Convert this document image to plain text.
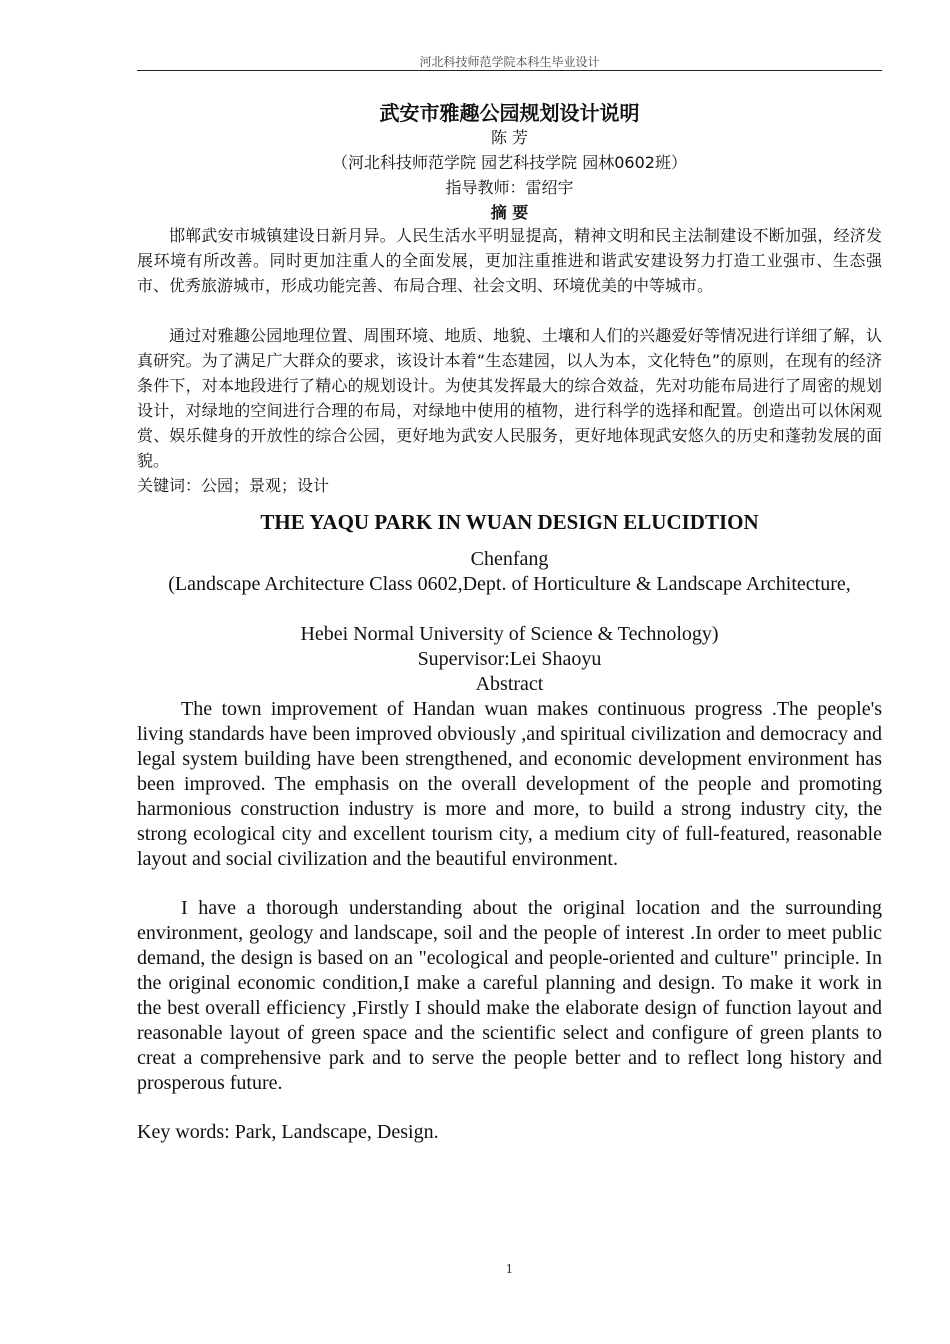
河北科技师范学院本科生毕业设计
武安市雅趣公园规划设计说明
陈 芳
（河北科技师范学院 园艺科技学院 园林0602班）
指导教师：雷绍宇
摘 要

邯郸武安市城镇建设日新月异。人民生活水平明显提高，精神文明和民主法制建设不断加强，经济发展环境有所改善。同时更加注重人的全面发展，更加注重推进和谐武安建设努力打造工业强市、生态强市、优秀旅游城市，形成功能完善、布局合理、社会文明、环境优美的中等城市。

通过对雅趣公园地理位置、周围环境、地质、地貌、土壤和人们的兴趣爱好等情况进行详细了解，认真研究。为了满足广大群众的要求，该设计本着“生态建园，以人为本，文化特色”的原则，在现有的经济条件下，对本地段进行了精心的规划设计。为使其发挥最大的综合效益，先对功能布局进行了周密的规划设计，对绿地的空间进行合理的布局，对绿地中使用的植物，进行科学的选择和配置。创造出可以休闲观赏、娱乐健身的开放性的综合公园，更好地为武安人民服务，更好地体现武安悠久的历史和蓬勃发展的面貌。

关键词：公园；景观；设计
THE YAQU PARK IN WUAN DESIGN ELUCIDTION
Chenfang
(Landscape Architecture Class 0602,Dept. of Horticulture & Landscape Architecture,
Hebei Normal University of Science & Technology)
Supervisor:Lei Shaoyu
Abstract

The town improvement of Handan wuan makes continuous progress .The people's living standards have been improved obviously ,and spiritual civilization and democracy and legal system building have been strengthened, and economic development environment has been improved. The emphasis on the overall development of the people and promoting harmonious construction industry is more and more, to build a strong industry city, the strong ecological city and excellent tourism city, a medium city of full-featured, reasonable layout and social civilization and the beautiful environment.

I have a thorough understanding about the original location and the surrounding environment, geology and landscape, soil and the people of interest .In order to meet public demand, the design is based on an "ecological and people-oriented and culture" principle. In the original economic condition,I make a careful planning and design. To make it work in the best overall efficiency ,Firstly I should make the elaborate design of function layout and reasonable layout of green space and the scientific select and configure of green plants to creat a comprehensive park and to serve the people better and to reflect long history and prosperous future.

Key words: Park, Landscape, Design.
1
